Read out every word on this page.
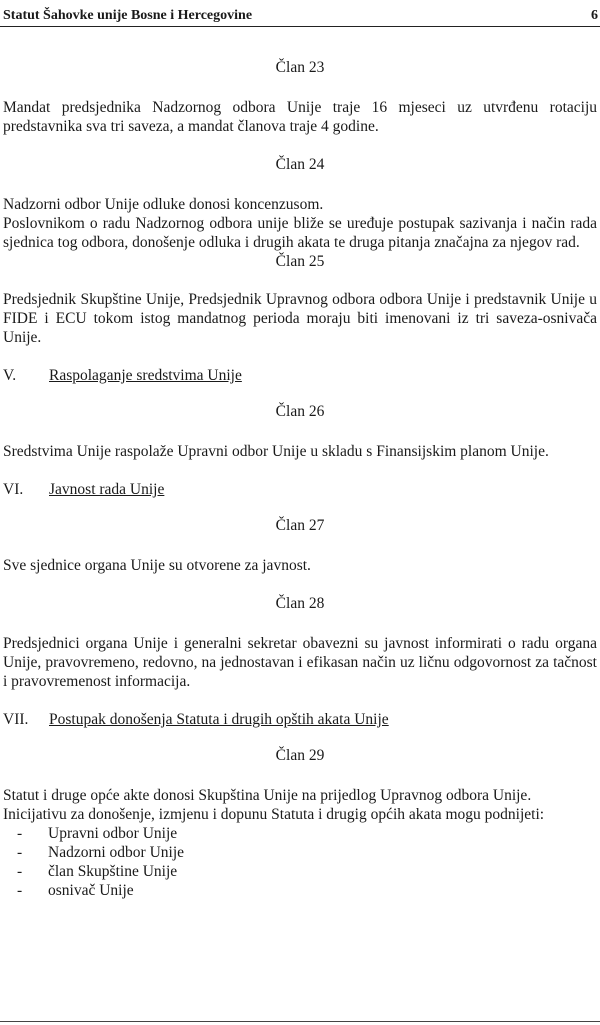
Statut Šahovke unije Bosne i Hercegovine	6
Član 23

Mandat predsjednika Nadzornog odbora Unije traje 16 mjeseci uz utvrđenu rotaciju predstavnika sva tri saveza, a mandat članova traje 4 godine.

Član 24

Nadzorni odbor Unije odluke donosi koncenzusom.

Poslovnikom o radu Nadzornog odbora unije bliže se uređuje postupak sazivanja i način rada sjednica tog odbora, donošenje odluka i drugih akata te druga pitanja značajna za njegov rad.

Član 25

Predsjednik Skupštine Unije, Predsjednik Upravnog odbora odbora Unije i predstavnik Unije u FIDE i ECU tokom istog mandatnog perioda moraju biti imenovani iz tri saveza-osnivača Unije.

V.	Raspolaganje sredstvima Unije
Član 26

Sredstvima Unije raspolaže Upravni odbor Unije u skladu s Finansijskim planom Unije.

VI.	Javnost rada Unije
Član 27

Sve sjednice organa Unije su otvorene za javnost.

Član 28

Predsjednici organa Unije i generalni sekretar obavezni su javnost informirati o radu organa Unije, pravovremeno, redovno, na jednostavan i efikasan način uz ličnu odgovornost za tačnost i pravovremenost informacija.

VII.	Postupak donošenja Statuta i drugih opštih akata Unije
Član 29

Statut i druge opće akte donosi Skupština Unije na prijedlog Upravnog odbora Unije.

Inicijativu za donošenje, izmjenu i dopunu Statuta i drugig općih akata mogu podnijeti:

-	Upravni odbor Unije
-	Nadzorni odbor Unije
-	član Skupštine Unije
-	osnivač Unije
